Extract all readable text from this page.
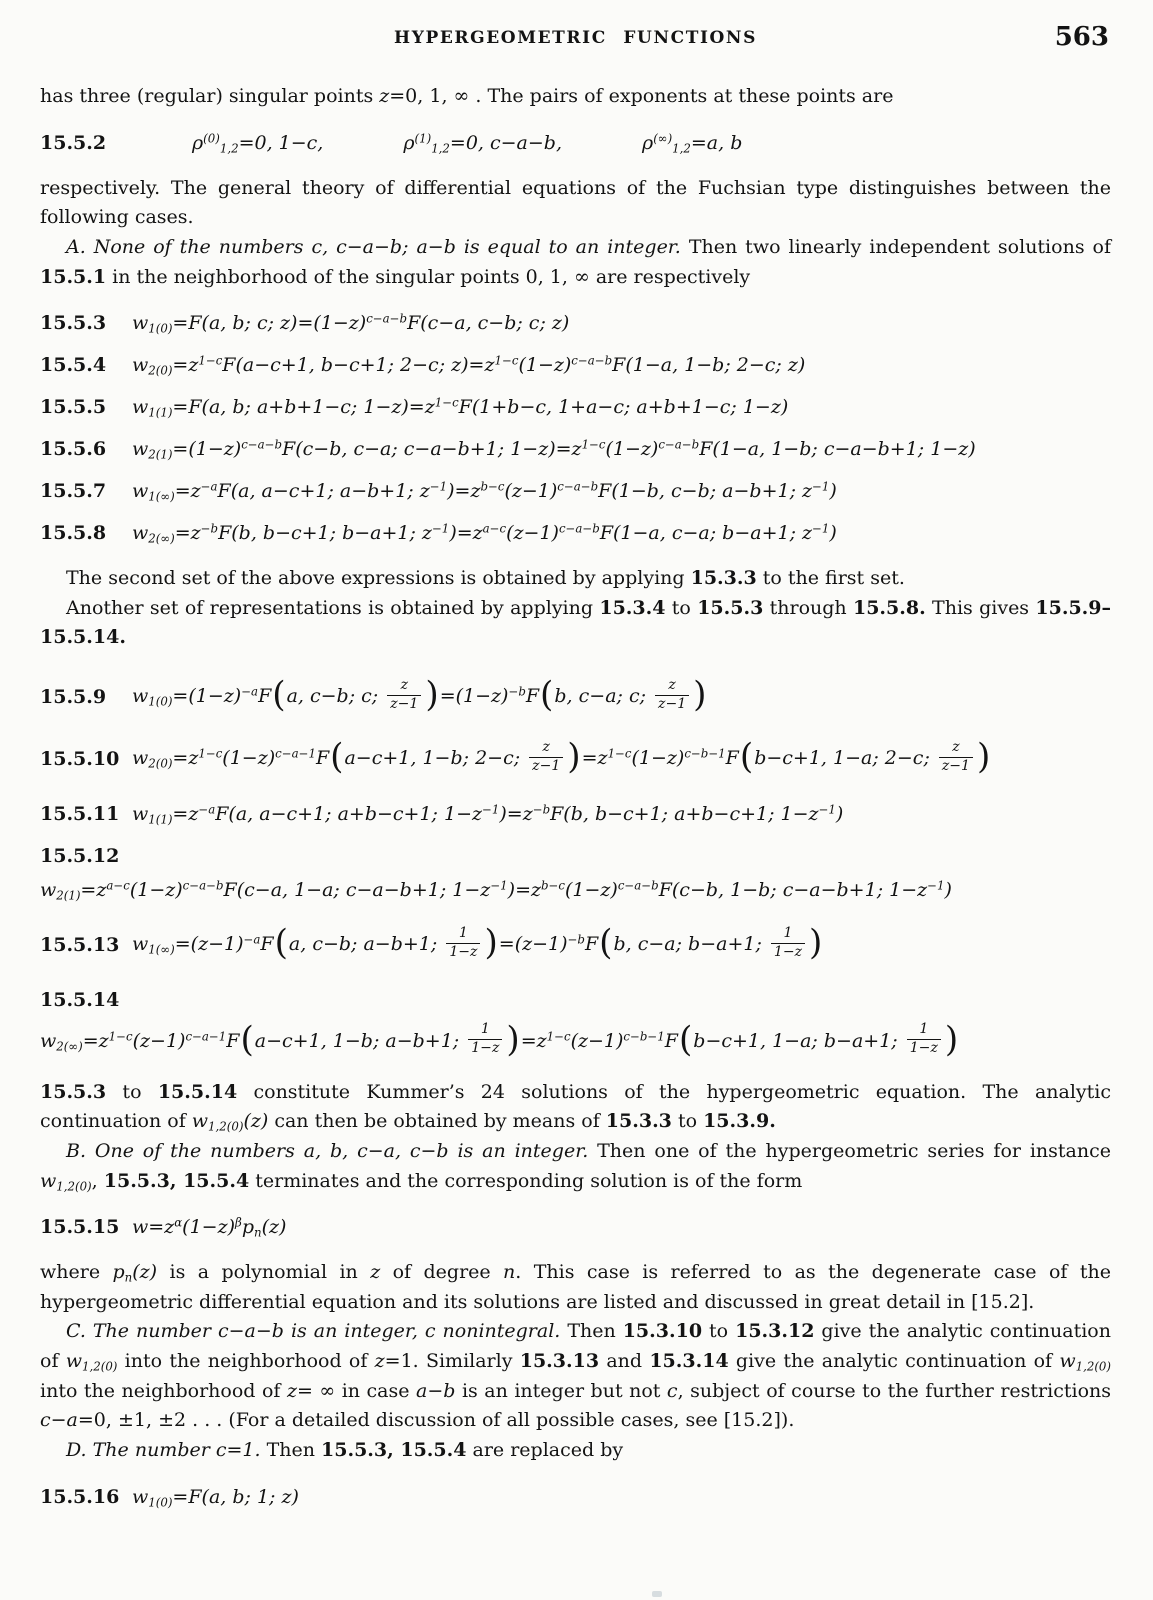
HYPERGEOMETRIC FUNCTIONS	563

has three (regular) singular points z=0, 1, ∞ . The pairs of exponents at these points are

15.5.2	$\rho^{(0)}_{1,2}=0$, 1−c,	$\rho^{(1)}_{1,2}=0$, c−a−b,	$\rho^{(\infty)}_{1,2}=a$, b

respectively. The general theory of differential equations of the Fuchsian type distinguishes between the following cases.

A. None of the numbers c, c−a−b; a−b is equal to an integer. Then two linearly independent solutions of 15.5.1 in the neighborhood of the singular points 0, 1, ∞ are respectively

15.5.3	$w_{1(0)}=F(a$, b; c; $z)=(1-z)^{c-a-b}F(c-a$, c−b; c; z)
15.5.4	$w_{2(0)}=z^{1-c}F(a-c+1$, b−c+1; 2−c; $z)=z^{1-c}(1-z)^{c-a-b}F(1-a$, 1−b; 2−c; z)
15.5.5	$w_{1(1)}=F(a$, b; a+b+1−c; $1-z)=z^{1-c}F(1+b-c$, 1+a−c; a+b+1−c; 1−z)
15.5.6	$w_{2(1)}=(1-z)^{c-a-b}F(c-b$, c−a; c−a−b+1; $1-z)=z^{1-c}(1-z)^{c-a-b}F(1-a$, 1−b; c−a−b+1; 1−z)
15.5.7	$w_{1(\infty)}=z^{-a}F(a$, a−c+1; a−b+1; $z^{-1})=z^{b-c}(z-1)^{c-a-b}F(1-b$, c−b; a−b+1; $z^{-1}$)
15.5.8	$w_{2(\infty)}=z^{-b}F(b$, b−c+1; b−a+1; $z^{-1})=z^{a-c}(z-1)^{c-a-b}F(1-a$, c−a; b−a+1; $z^{-1}$)

The second set of the above expressions is obtained by applying 15.3.3 to the first set.

Another set of representations is obtained by applying 15.3.4 to 15.5.3 through 15.5.8. This gives 15.5.9–15.5.14.

15.5.9	$w_{1(0)}=(1-z)^{-a}F(a$, c−b; c; $\frac{z}{z-1} )=(1-z)^{-b}F(b$, c−a; c; $\frac{z}{z-1}$ )
15.5.10 $w_{2(0)}=z^{1-c}(1-z)^{c-a-1}F(a-c+1$, 1−b; 2−c; $\frac{z}{z-1} )=z^{1-c}(1-z)^{c-b-1}F(b-c+1$, 1−a; 2−c; $\frac{z}{z-1}$ )
15.5.11 $w_{1(1)}=z^{-a}F(a$, a−c+1; a+b−c+1; $1-z^{-1})=z^{-b}F(b$, b−c+1; a+b−c+1; $1-z^{-1}$)
15.5.12
$w_{2(1)}=z^{a-c}(1-z)^{c-a-b}F(c-a$, 1−a; c−a−b+1; $1-z^{-1})=z^{b-c}(1-z)^{c-a-b}F(c-b$, 1−b; c−a−b+1; $1-z^{-1}$)
15.5.13 $w_{1(\infty)}=(z-1)^{-a}F(a$, c−b; a−b+1; $\frac{1}{1-z} )=(z-1)^{-b}F(b$, c−a; b−a+1; $\frac{1}{1-z}$ )
15.5.14
$w_{2(\infty)}=z^{1-c}(z-1)^{c-a-1}F(a-c+1$, 1−b; a−b+1; $\frac{1}{1-z} )=z^{1-c}(z-1)^{c-b-1}F(b-c+1$, 1−a; b−a+1; $\frac{1}{1-z}$ )

15.5.3 to 15.5.14 constitute Kummer’s 24 solutions of the hypergeometric equation. The analytic continuation of $w_{1,2(0)}(z)$ can then be obtained by means of 15.3.3 to 15.3.9.

B. One of the numbers a, b, c−a, c−b is an integer. Then one of the hypergeometric series for instance $w_{1,2(0)}$, 15.5.3, 15.5.4 terminates and the corresponding solution is of the form

15.5.15 $w=z^\alpha(1-z)^\beta p_n(z)$

where $p_n(z)$ is a polynomial in z of degree n. This case is referred to as the degenerate case of the hypergeometric differential equation and its solutions are listed and discussed in great detail in [15.2].

C. The number c−a−b is an integer, c nonintegral. Then 15.3.10 to 15.3.12 give the analytic continuation of $w_{1,2(0)}$ into the neighborhood of z=1. Similarly 15.3.13 and 15.3.14 give the analytic continuation of $w_{1,2(0)}$ into the neighborhood of z= ∞ in case a−b is an integer but not c, subject of course to the further restrictions c−a=0, ±1, ±2 . . . (For a detailed discussion of all possible cases, see [15.2]).

D. The number c=1. Then 15.5.3, 15.5.4 are replaced by

15.5.16 $w_{1(0)}=F(a$, b; 1; z)
